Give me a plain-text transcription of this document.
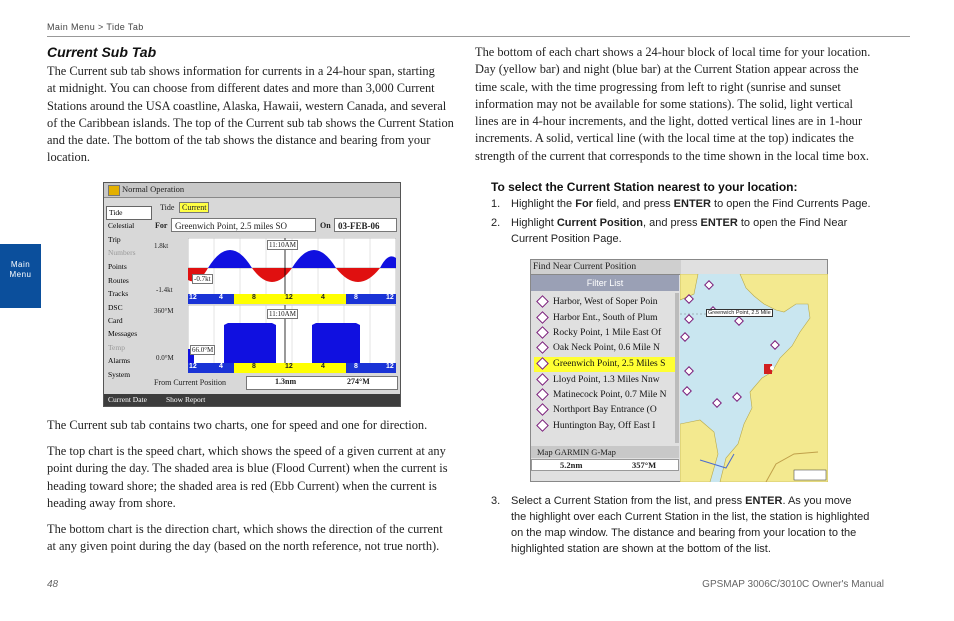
Main Menu > Tide Tab
Main
Menu
Current Sub Tab

The Current sub tab shows information for currents in a 24-hour span, starting

at midnight. You can choose from different dates and more than 3,000 Current

Stations around the USA coastline, Alaska, Hawaii, western Canada, and several

of the Caribbean islands. The top of the Current sub tab shows the Current Station

and the date. The bottom of the tab shows the distance and bearing from your

location.

Normal Operation
Tide
Celestial
Trip
Numbers
Points
Routes
Tracks
DSC
Card
Messages
Temp
Alarms
System
Tide Current
For Greenwich Point, 2.5 miles SO	On 03-FEB-06
1.8kt
-1.4kt
11:10AM
-0.7kt
12	4	8	12	4	8	12
360°M
0.0°M
11:10AM
66.0°M
12	4	8	12	4	8	12
From Current Position	1.3nm	274°M
Current Date	Show Report

The Current sub tab contains two charts, one for speed and one for direction.

The top chart is the speed chart, which shows the speed of a given current at any

point during the day. The shaded area is blue (Flood Current) when the current is

heading toward shore; the shaded area is red (Ebb Current) when the current is

heading away from shore.

The bottom chart is the direction chart, which shows the direction of the current

at any given point during the day (based on the north reference, not true north).

The bottom of each chart shows a 24-hour block of local time for your location.

Day (yellow bar) and night (blue bar) at the Current Station appear across the

time scale, with the time progressing from left to right (sunrise and sunset

information may not be available for some stations). The solid, light vertical

lines are in 4-hour increments, and the light, dotted vertical lines are in 1-hour

increments. A solid, vertical line (with the local time at the top) indicates the

strength of the current that corresponds to the time shown in the local time box.

To select the Current Station nearest to your location:
1. Highlight the For field, and press ENTER to open the Find Currents Page.
2. Highlight Current Position, and press ENTER to open the Find Near
Current Position Page.
Find Near Current Position
Filter List
Harbor, West of Soper Poin
Harbor Ent., South of Plum
Rocky Point, 1 Mile East Of
Oak Neck Point, 0.6 Mile N
Greenwich Point, 2.5 Miles S
Lloyd Point, 1.3 Miles Nnw
Matinecock Point, 0.7 Mile N
Northport Bay Entrance (O
Huntington Bay, Off East I
Map GARMIN G-Map
5.2nm	357°M
Greenwich Point, 2.5 Mile
3. Select a Current Station from the list, and press ENTER. As you move
the highlight over each Current Station in the list, the station is highlighted
on the map window. The distance and bearing from your location to the
highlighted station are shown at the bottom of the list.
48	GPSMAP 3006C/3010C Owner's Manual
